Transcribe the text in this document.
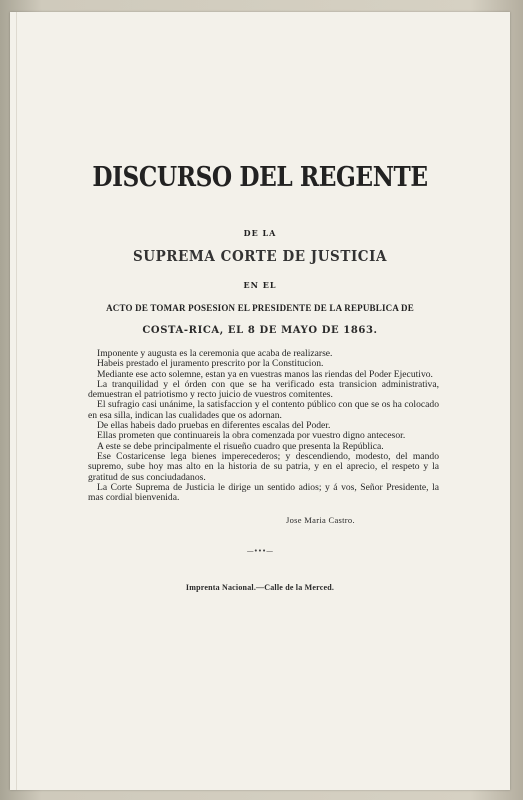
DISCURSO DEL REGENTE
DE LA
SUPREMA CORTE DE JUSTICIA
EN EL
ACTO DE TOMAR POSESION EL PRESIDENTE DE LA REPUBLICA DE
COSTA-RICA, EL 8 DE MAYO DE 1863.

Imponente y augusta es la ceremonia que acaba de realizarse.

Habeis prestado el juramento prescrito por la Constitucion.

Mediante ese acto solemne, estan ya en vuestras manos las riendas del Poder Ejecutivo.

La tranquilidad y el órden con que se ha verificado esta transicion administrativa, demuestran el patriotismo y recto juicio de vuestros comitentes.

El sufragio casi unánime, la satisfaccion y el contento público con que se os ha colocado en esa silla, indican las cualidades que os adornan.

De ellas habeis dado pruebas en diferentes escalas del Poder.

Ellas prometen que continuareis la obra comenzada por vuestro digno antecesor.

A este se debe principalmente el risueño cuadro que presenta la República.

Ese Costaricense lega bienes imperecederos; y descendiendo, modesto, del mando supremo, sube hoy mas alto en la historia de su patria, y en el aprecio, el respeto y la gratitud de sus conciudadanos.

La Corte Suprema de Justicia le dirige un sentido adios; y á vos, Señor Presidente, la mas cordial bienvenida.

Jose Maria Castro.
—•••—
Imprenta Nacional.—Calle de la Merced.
